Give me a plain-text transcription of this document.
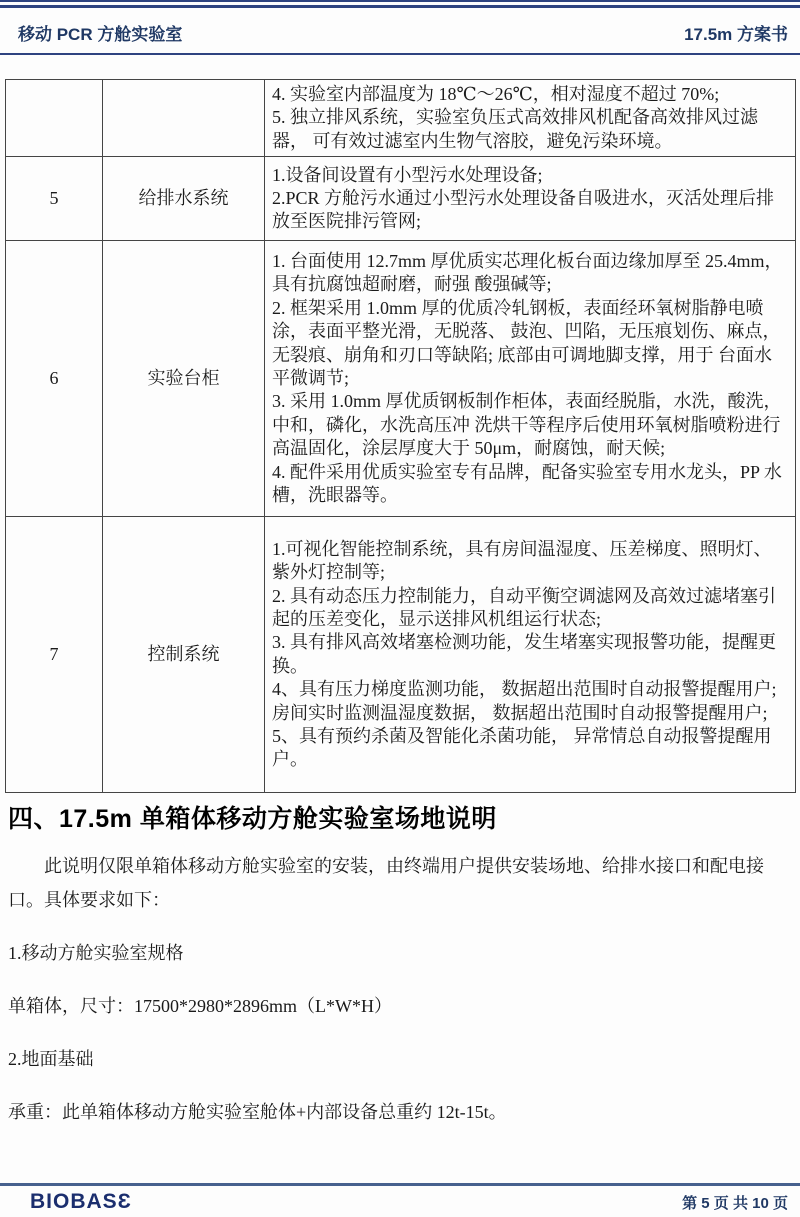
移动 PCR 方舱实验室	17.5m 方案书

		4. 实验室内部温度为 18℃～26℃，相对湿度不超过 70%;

5. 独立排风系统，实验室负压式高效排风机配备高效排风过滤器， 可有效过滤室内生物气溶胶，避免污染环境。

5	给排水系统	1.设备间设置有小型污水处理设备;

2.PCR 方舱污水通过小型污水处理设备自吸进水，灭活处理后排放至医院排污管网;

6	实验台柜	1. 台面使用 12.7mm 厚优质实芯理化板台面边缘加厚至 25.4mm，具有抗腐蚀超耐磨，耐强 酸强碱等;

2. 框架采用 1.0mm 厚的优质冷轧钢板，表面经环氧树脂静电喷涂，表面平整光滑，无脱落、 鼓泡、凹陷，无压痕划伤、麻点，无裂痕、崩角和刃口等缺陷; 底部由可调地脚支撑，用于 台面水平微调节;

3. 采用 1.0mm 厚优质钢板制作柜体，表面经脱脂，水洗，酸洗，中和，磷化，水洗高压冲 洗烘干等程序后使用环氧树脂喷粉进行高温固化，涂层厚度大于 50μm，耐腐蚀，耐天候;

4. 配件采用优质实验室专有品牌，配备实验室专用水龙头，PP 水槽，洗眼器等。

7	控制系统	1.可视化智能控制系统，具有房间温湿度、压差梯度、照明灯、紫外灯控制等;

2. 具有动态压力控制能力，自动平衡空调滤网及高效过滤堵塞引起的压差变化，显示送排风机组运行状态;

3. 具有排风高效堵塞检测功能，发生堵塞实现报警功能，提醒更换。

4、具有压力梯度监测功能， 数据超出范围时自动报警提醒用户; 房间实时监测温湿度数据， 数据超出范围时自动报警提醒用户;

5、具有预约杀菌及智能化杀菌功能， 异常情总自动报警提醒用户。

四、17.5m 单箱体移动方舱实验室场地说明

此说明仅限单箱体移动方舱实验室的安装，由终端用户提供安装场地、给排水接口和配电接口。具体要求如下：

1.移动方舱实验室规格

单箱体，尺寸：17500*2980*2896mm（L*W*H）

2.地面基础

承重：此单箱体移动方舱实验室舱体+内部设备总重约 12t-15t。

BIOBASƐ	第 5 页 共 10 页
